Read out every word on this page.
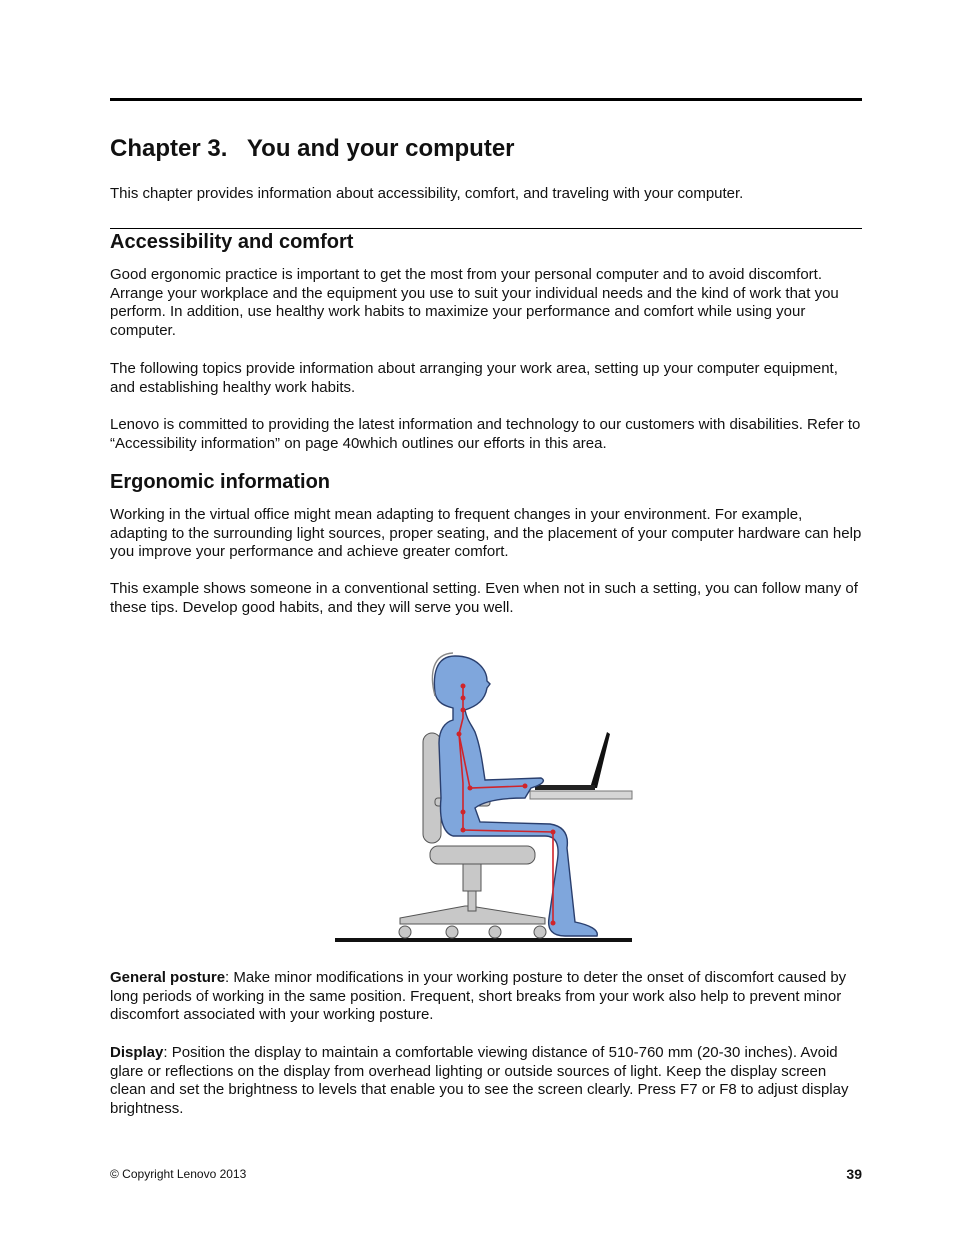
Chapter 3.   You and your computer

This chapter provides information about accessibility, comfort, and traveling with your computer.

Accessibility and comfort

Good ergonomic practice is important to get the most from your personal computer and to avoid discomfort. Arrange your workplace and the equipment you use to suit your individual needs and the kind of work that you perform. In addition, use healthy work habits to maximize your performance and comfort while using your computer.

The following topics provide information about arranging your work area, setting up your computer equipment, and establishing healthy work habits.

Lenovo is committed to providing the latest information and technology to our customers with disabilities. Refer to “Accessibility information” on page 40which outlines our efforts in this area.

Ergonomic information

Working in the virtual office might mean adapting to frequent changes in your environment. For example, adapting to the surrounding light sources, proper seating, and the placement of your computer hardware can help you improve your performance and achieve greater comfort.

This example shows someone in a conventional setting. Even when not in such a setting, you can follow many of these tips. Develop good habits, and they will serve you well.

General posture: Make minor modifications in your working posture to deter the onset of discomfort caused by long periods of working in the same position. Frequent, short breaks from your work also help to prevent minor discomfort associated with your working posture.

Display: Position the display to maintain a comfortable viewing distance of 510-760 mm (20-30 inches). Avoid glare or reflections on the display from overhead lighting or outside sources of light. Keep the display screen clean and set the brightness to levels that enable you to see the screen clearly. Press F7 or F8 to adjust display brightness.

© Copyright Lenovo 2013	39
